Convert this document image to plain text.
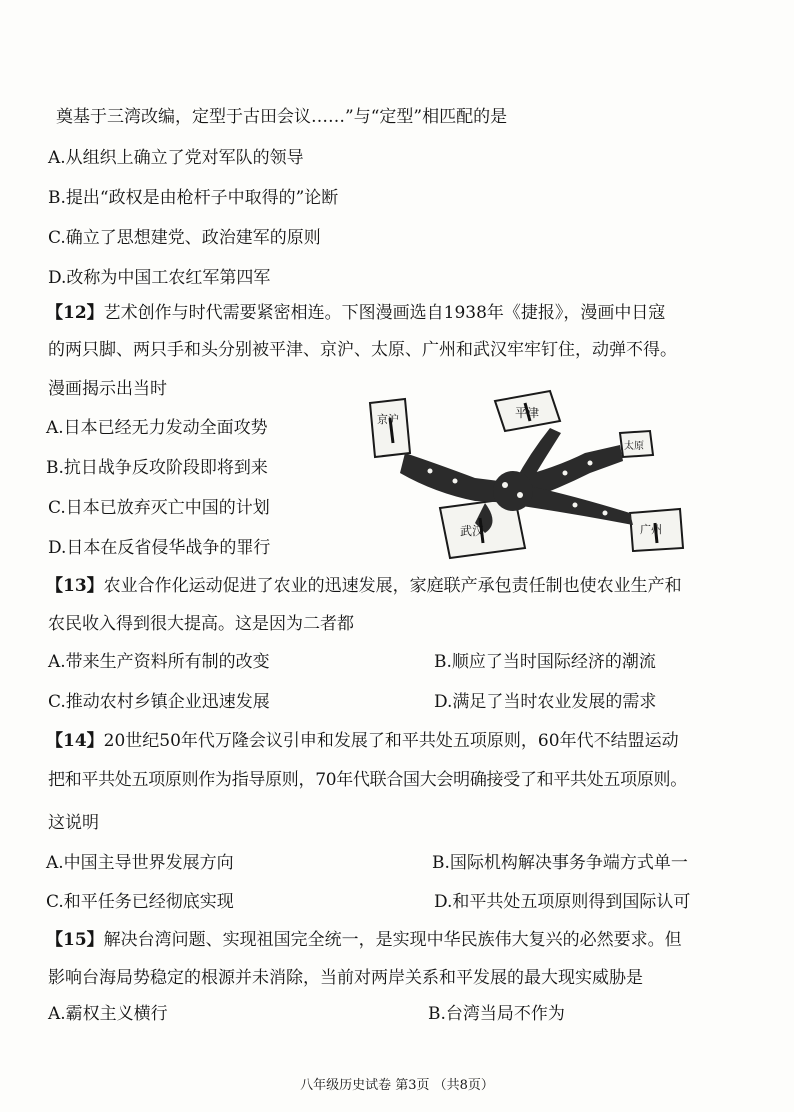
奠基于三湾改编，定型于古田会议……”与“定型”相匹配的是
A.从组织上确立了党对军队的领导
B.提出“政权是由枪杆子中取得的”论断
C.确立了思想建党、政治建军的原则
D.改称为中国工农红军第四军
【12】艺术创作与时代需要紧密相连。下图漫画选自1938年《捷报》，漫画中日寇
的两只脚、两只手和头分别被平津、京沪、太原、广州和武汉牢牢钉住，动弹不得。
漫画揭示出当时
A.日本已经无力发动全面攻势
B.抗日战争反攻阶段即将到来
C.日本已放弃灭亡中国的计划
D.日本在反省侵华战争的罪行
平津
京沪
武汉	广州
太原
【13】农业合作化运动促进了农业的迅速发展，家庭联产承包责任制也使农业生产和
农民收入得到很大提高。这是因为二者都
A.带来生产资料所有制的改变	B.顺应了当时国际经济的潮流
C.推动农村乡镇企业迅速发展	D.满足了当时农业发展的需求
【14】20世纪50年代万隆会议引申和发展了和平共处五项原则，60年代不结盟运动
把和平共处五项原则作为指导原则，70年代联合国大会明确接受了和平共处五项原则。
这说明
A.中国主导世界发展方向	B.国际机构解决事务争端方式单一
C.和平任务已经彻底实现	D.和平共处五项原则得到国际认可
【15】解决台湾问题、实现祖国完全统一，是实现中华民族伟大复兴的必然要求。但
影响台海局势稳定的根源并未消除，当前对两岸关系和平发展的最大现实威胁是
A.霸权主义横行	B.台湾当局不作为
八年级历史试卷 第3页 （共8页）
